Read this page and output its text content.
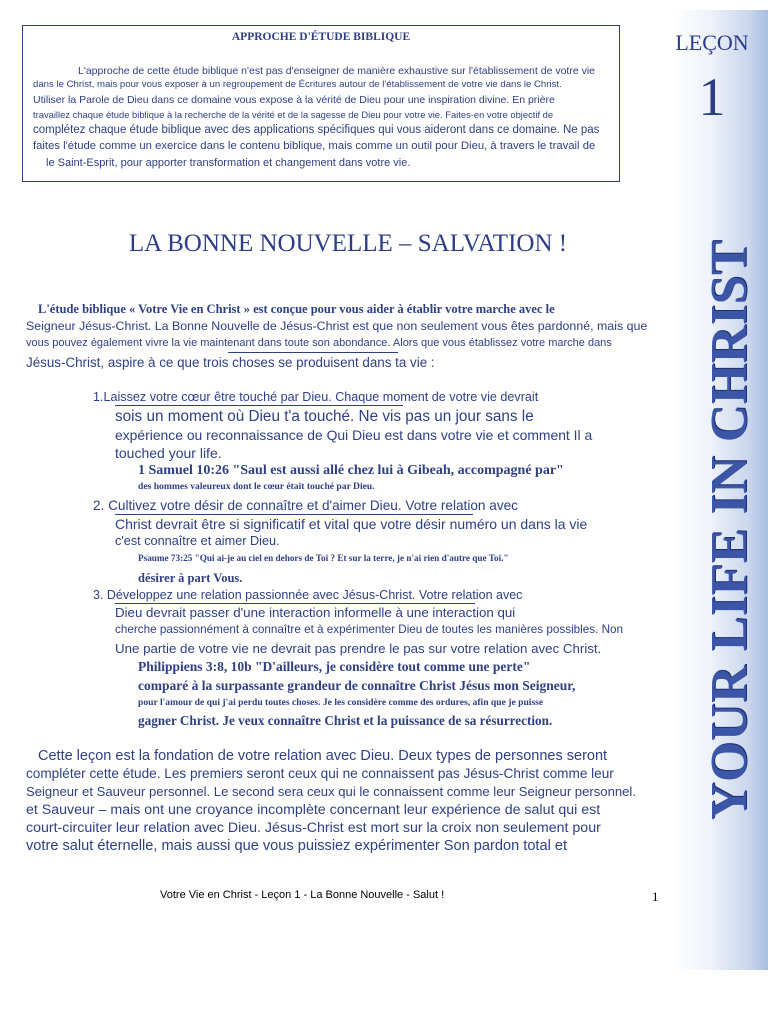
LEÇON
1
YOUR LIFE IN CHRIST
APPROCHE D'ÉTUDE BIBLIQUE
L'approche de cette étude biblique n'est pas d'enseigner de manière exhaustive sur l'établissement de votre vie
dans le Christ, mais pour vous exposer à un regroupement de Écritures autour de l'établissement de votre vie dans le Christ.
Utiliser la Parole de Dieu dans ce domaine vous expose à la vérité de Dieu pour une inspiration divine. En prière
travaillez chaque étude biblique à la recherche de la vérité et de la sagesse de Dieu pour votre vie. Faites-en votre objectif de
complétez chaque étude biblique avec des applications spécifiques qui vous aideront dans ce domaine. Ne pas
faites l'étude comme un exercice dans le contenu biblique, mais comme un outil pour Dieu, à travers le travail de
le Saint-Esprit, pour apporter transformation et changement dans votre vie.
LA BONNE NOUVELLE – SALVATION !
L'étude biblique « Votre Vie en Christ » est conçue pour vous aider à établir votre marche avec le
Seigneur Jésus-Christ. La Bonne Nouvelle de Jésus-Christ est que non seulement vous êtes pardonné, mais que
vous pouvez également vivre la vie maintenant dans toute son abondance. Alors que vous établissez votre marche dans
Jésus-Christ, aspire à ce que trois choses se produisent dans ta vie :
1.Laissez votre cœur être touché par Dieu. Chaque moment de votre vie devrait
sois un moment où Dieu t'a touché. Ne vis pas un jour sans le
expérience ou reconnaissance de Qui Dieu est dans votre vie et comment Il a
touched your life.
1 Samuel 10:26 "Saul est aussi allé chez lui à Gibeah, accompagné par"
des hommes valeureux dont le cœur était touché par Dieu.
2. Cultivez votre désir de connaître et d'aimer Dieu. Votre relation avec
Christ devrait être si significatif et vital que votre désir numéro un dans la vie
c'est connaître et aimer Dieu.
Psaume 73:25 "Qui ai-je au ciel en dehors de Toi ? Et sur la terre, je n'ai rien d'autre que Toi."
désirer à part Vous.
3. Développez une relation passionnée avec Jésus-Christ. Votre relation avec
Dieu devrait passer d'une interaction informelle à une interaction qui
cherche passionnément à connaître et à expérimenter Dieu de toutes les manières possibles. Non
Une partie de votre vie ne devrait pas prendre le pas sur votre relation avec Christ.
Philippiens 3:8, 10b "D'ailleurs, je considère tout comme une perte"
comparé à la surpassante grandeur de connaître Christ Jésus mon Seigneur,
pour l'amour de qui j'ai perdu toutes choses. Je les considère comme des ordures, afin que je puisse
gagner Christ. Je veux connaître Christ et la puissance de sa résurrection.
Cette leçon est la fondation de votre relation avec Dieu. Deux types de personnes seront
compléter cette étude. Les premiers seront ceux qui ne connaissent pas Jésus-Christ comme leur
Seigneur et Sauveur personnel. Le second sera ceux qui le connaissent comme leur Seigneur personnel.
et Sauveur – mais ont une croyance incomplète concernant leur expérience de salut qui est
court-circuiter leur relation avec Dieu. Jésus-Christ est mort sur la croix non seulement pour
votre salut éternelle, mais aussi que vous puissiez expérimenter Son pardon total et
Votre Vie en Christ - Leçon 1 - La Bonne Nouvelle - Salut !	1
